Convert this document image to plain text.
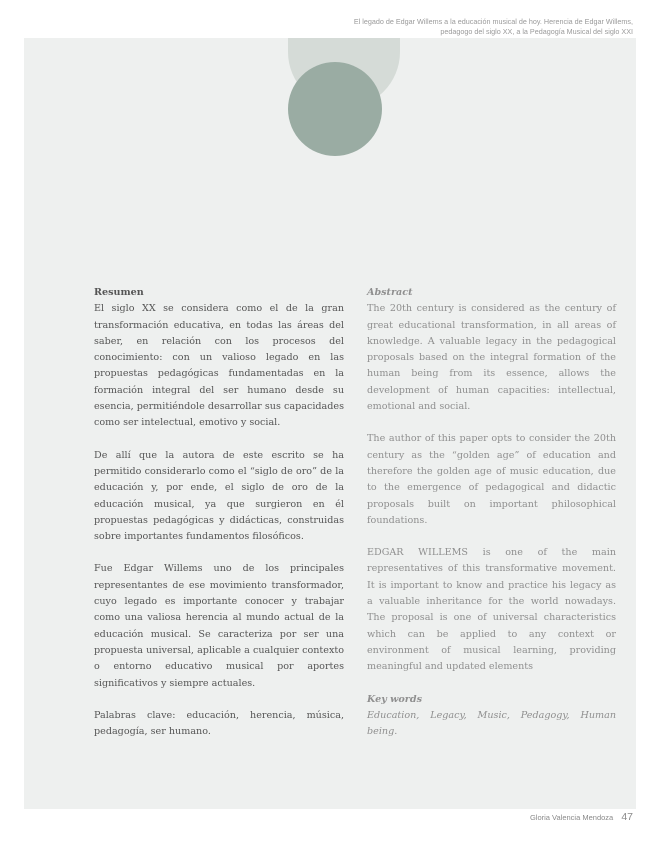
El legado de Edgar Willems a la educación musical de hoy. Herencia de Edgar Willems,
pedagogo del siglo XX, a la Pedagogía Musical del siglo XXI

Resumen

El siglo XX se considera como el de la gran transformación educativa, en todas las áreas del saber, en relación con los procesos del conocimiento: con un valioso legado en las propuestas pedagógicas fundamentadas en la formación integral del ser humano desde su esencia, permitiéndole desarrollar sus capacidades como ser intelectual, emotivo y social.

De allí que la autora de este escrito se ha permitido considerarlo como el “siglo de oro” de la educación y, por ende, el siglo de oro de la educación musical, ya que surgieron en él propuestas pedagógicas y didácticas, construidas sobre importantes fundamentos filosóficos.

Fue Edgar Willems uno de los principales representantes de ese movimiento transformador, cuyo legado es importante conocer y trabajar como una valiosa herencia al mundo actual de la educación musical. Se caracteriza por ser una propuesta universal, aplicable a cualquier contexto o entorno educativo musical por aportes significativos y siempre actuales.

Palabras clave: educación, herencia, música, pedagogía, ser humano.

Abstract

The 20th century is considered as the century of great educational transformation, in all areas of knowledge. A valuable legacy in the pedagogical proposals based on the integral formation of the human being from its essence, allows the development of human capacities: intellectual, emotional and social.

The author of this paper opts to consider the 20th century as the “golden age” of education and therefore the golden age of music education, due to the emergence of pedagogical and didactic proposals built on important philosophical foundations.

EDGAR WILLEMS is one of the main representatives of this transformative movement. It is important to know and practice his legacy as a valuable inheritance for the world nowadays. The proposal is one of universal characteristics which can be applied to any context or environment of musical learning, providing meaningful and updated elements

Key words

Education, Legacy, Music, Pedagogy, Human being.

Gloria Valencia Mendoza 47
